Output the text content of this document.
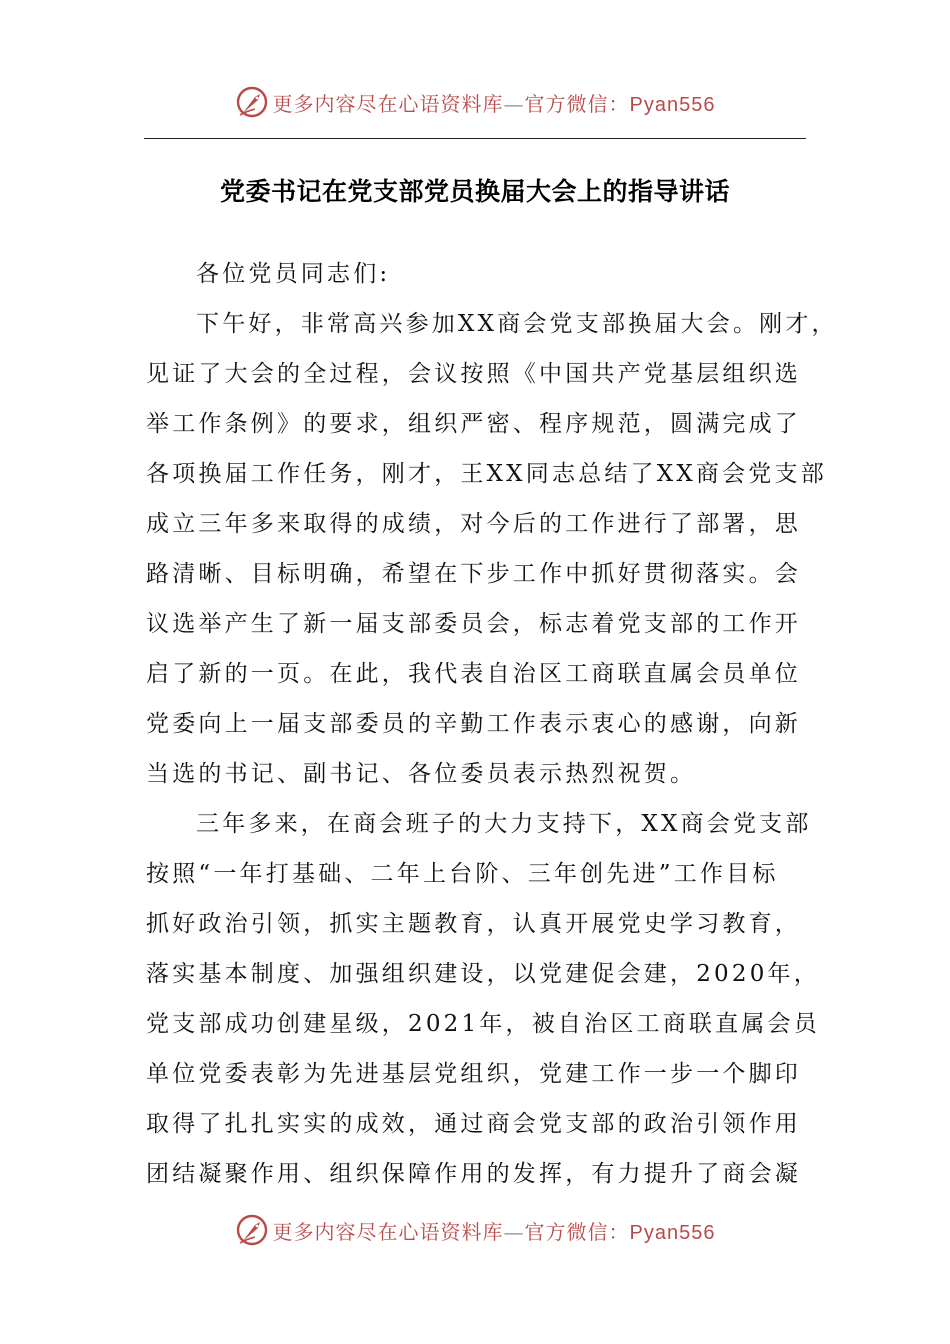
更多内容尽在心语资料库—官方微信：Pyan556
党委书记在党支部党员换届大会上的指导讲话
各位党员同志们:
下午好，非常高兴参加XX商会党支部换届大会。刚才，
见证了大会的全过程，会议按照《中国共产党基层组织选
举工作条例》的要求，组织严密、程序规范，圆满完成了
各项换届工作任务，刚才，王XX同志总结了XX商会党支部
成立三年多来取得的成绩，对今后的工作进行了部署，思
路清晰、目标明确，希望在下步工作中抓好贯彻落实。会
议选举产生了新一届支部委员会，标志着党支部的工作开
启了新的一页。在此，我代表自治区工商联直属会员单位
党委向上一届支部委员的辛勤工作表示衷心的感谢，向新
当选的书记、副书记、各位委员表示热烈祝贺。
三年多来，在商会班子的大力支持下，XX商会党支部
按照“一年打基础、二年上台阶、三年创先进”工作目标
抓好政治引领，抓实主题教育，认真开展党史学习教育，
落实基本制度、加强组织建设，以党建促会建，2020年，
党支部成功创建星级，2021年，被自治区工商联直属会员
单位党委表彰为先进基层党组织，党建工作一步一个脚印
取得了扎扎实实的成效，通过商会党支部的政治引领作用
团结凝聚作用、组织保障作用的发挥，有力提升了商会凝
更多内容尽在心语资料库—官方微信：Pyan556
